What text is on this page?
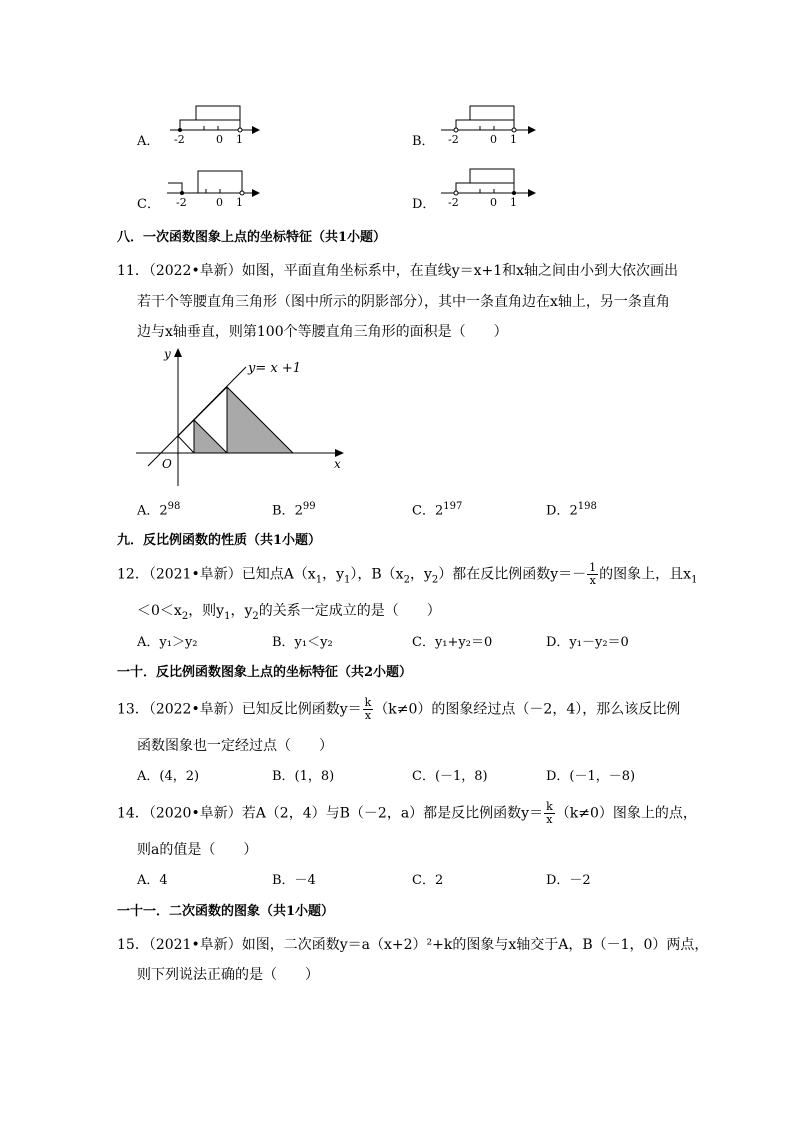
A． -2	0 1	B． -2	0 1
C． -2	0 1	D． -2	0 1
八．一次函数图象上点的坐标特征（共1小题）
11．（2022•阜新）如图，平面直角坐标系中，在直线y＝x+1和x轴之间由小到大依次画出
若干个等腰直角三角形（图中所示的阴影部分），其中一条直角边在x轴上，另一条直角
边与x轴垂直，则第100个等腰直角三角形的面积是（　　）
y
x
O
y= x +1
A．$2^{98}$	B．$2^{99}$	C．$2^{197}$	D．$2^{198}$
九．反比例函数的性质（共1小题）
12．（2021•阜新）已知点$A(x_1$，$y_1$），$B(x_2$，$y_2$）都在反比例函数$y=- \frac{1}{x}$ 的图象上，且$x_1$
$<0<x_2$，则$y_1$，$y_2$的关系一定成立的是（　　）
A．y₁＞y₂	B．y₁＜y₂	C．y₁+y₂＝0	D．y₁－y₂＝0
一十．反比例函数图象上点的坐标特征（共2小题）
13．（2022•阜新）已知反比例函数$y= \frac{k}{x} (k\ne 0)$的图象经过点（－2，4），那么该反比例
函数图象也一定经过点（　　）
A．(4，2)	B．(1，8)	C．(－1，8)	D．(－1，－8)
14．（2020•阜新）若A（2，4）与B（－2，a）都是反比例函数$y= \frac{k}{x} (k\ne 0)$图象上的点，
则a的值是（　　）
A．4	B．－4	C．2	D．－2
一十一．二次函数的图象（共1小题）
15．（2021•阜新）如图，二次函数y＝a（x+2）²+k的图象与x轴交于A，B（－1，0）两点，
则下列说法正确的是（　　）
